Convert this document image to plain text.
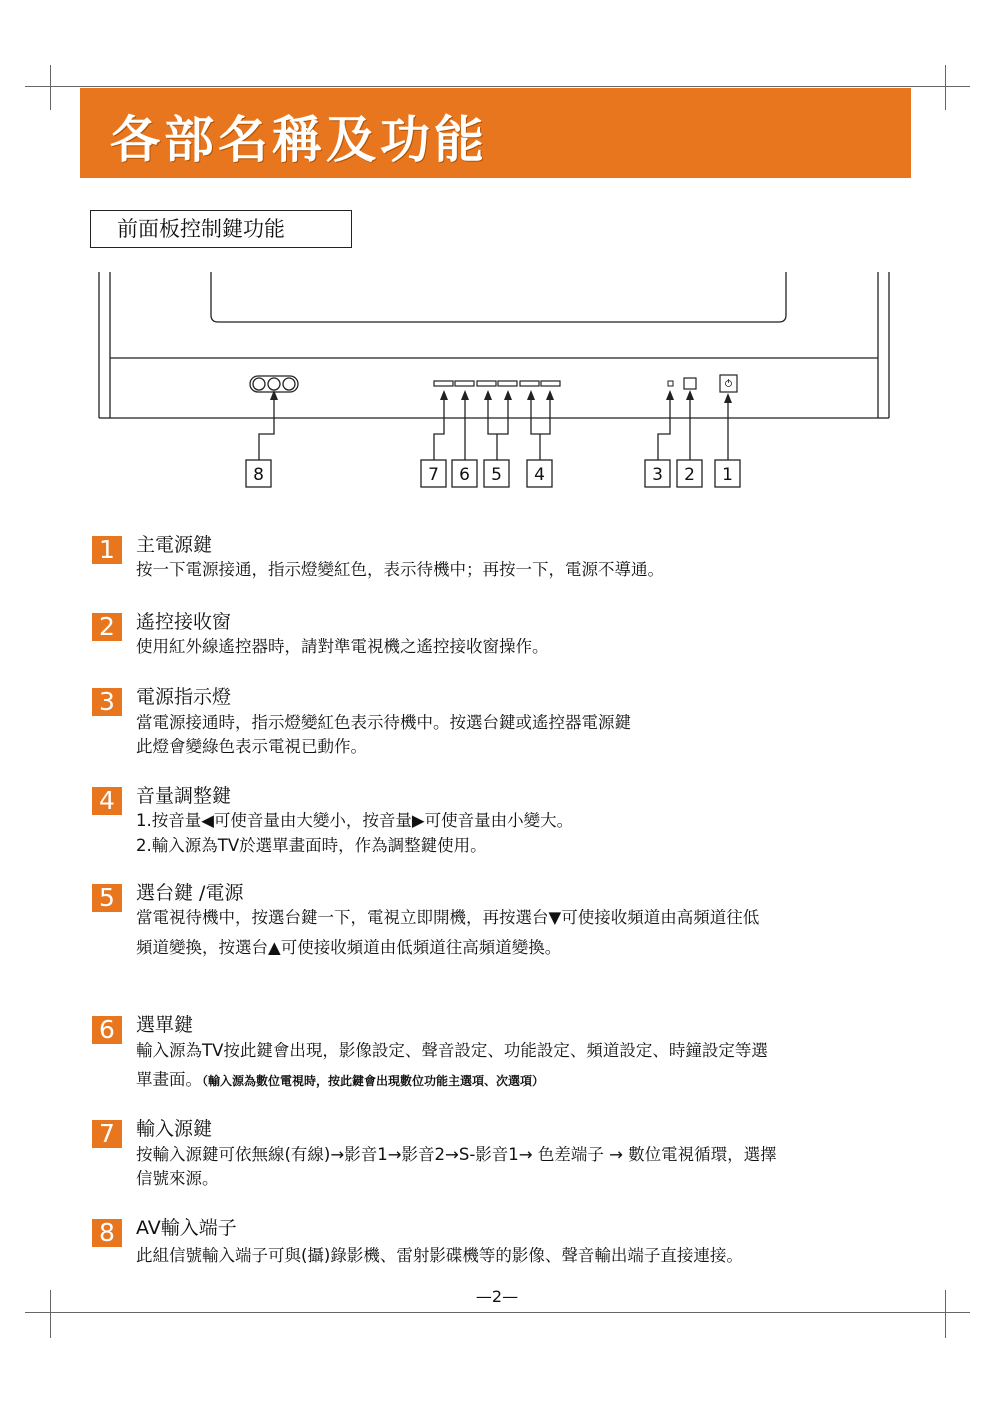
各部名稱及功能
前面板控制鍵功能
8	7 6 5 4	3 2 1
1	主電源鍵
按一下電源接通，指示燈變紅色，表示待機中；再按一下，電源不導通。
2	遙控接收窗
使用紅外線遙控器時，請對準電視機之遙控接收窗操作。
3	電源指示燈
當電源接通時，指示燈變紅色表示待機中。按選台鍵或遙控器電源鍵
此燈會變綠色表示電視已動作。
4	音量調整鍵
1.按音量◀可使音量由大變小，按音量▶可使音量由小變大。
2.輸入源為TV於選單畫面時，作為調整鍵使用。
5	選台鍵 /電源
當電視待機中，按選台鍵一下，電視立即開機，再按選台▼可使接收頻道由高頻道往低
頻道變換，按選台▲可使接收頻道由低頻道往高頻道變換。
6	選單鍵
輸入源為TV按此鍵會出現，影像設定、聲音設定、功能設定、頻道設定、時鐘設定等選
單畫面。（輸入源為數位電視時，按此鍵會出現數位功能主選項、次選項）
7	輸入源鍵
按輸入源鍵可依無線(有線)→影音1→影音2→S-影音1→ 色差端子 → 數位電視循環，選擇
信號來源。
8	AV輸入端子
此組信號輸入端子可與(攝)錄影機、雷射影碟機等的影像、聲音輸出端子直接連接。
—2—
